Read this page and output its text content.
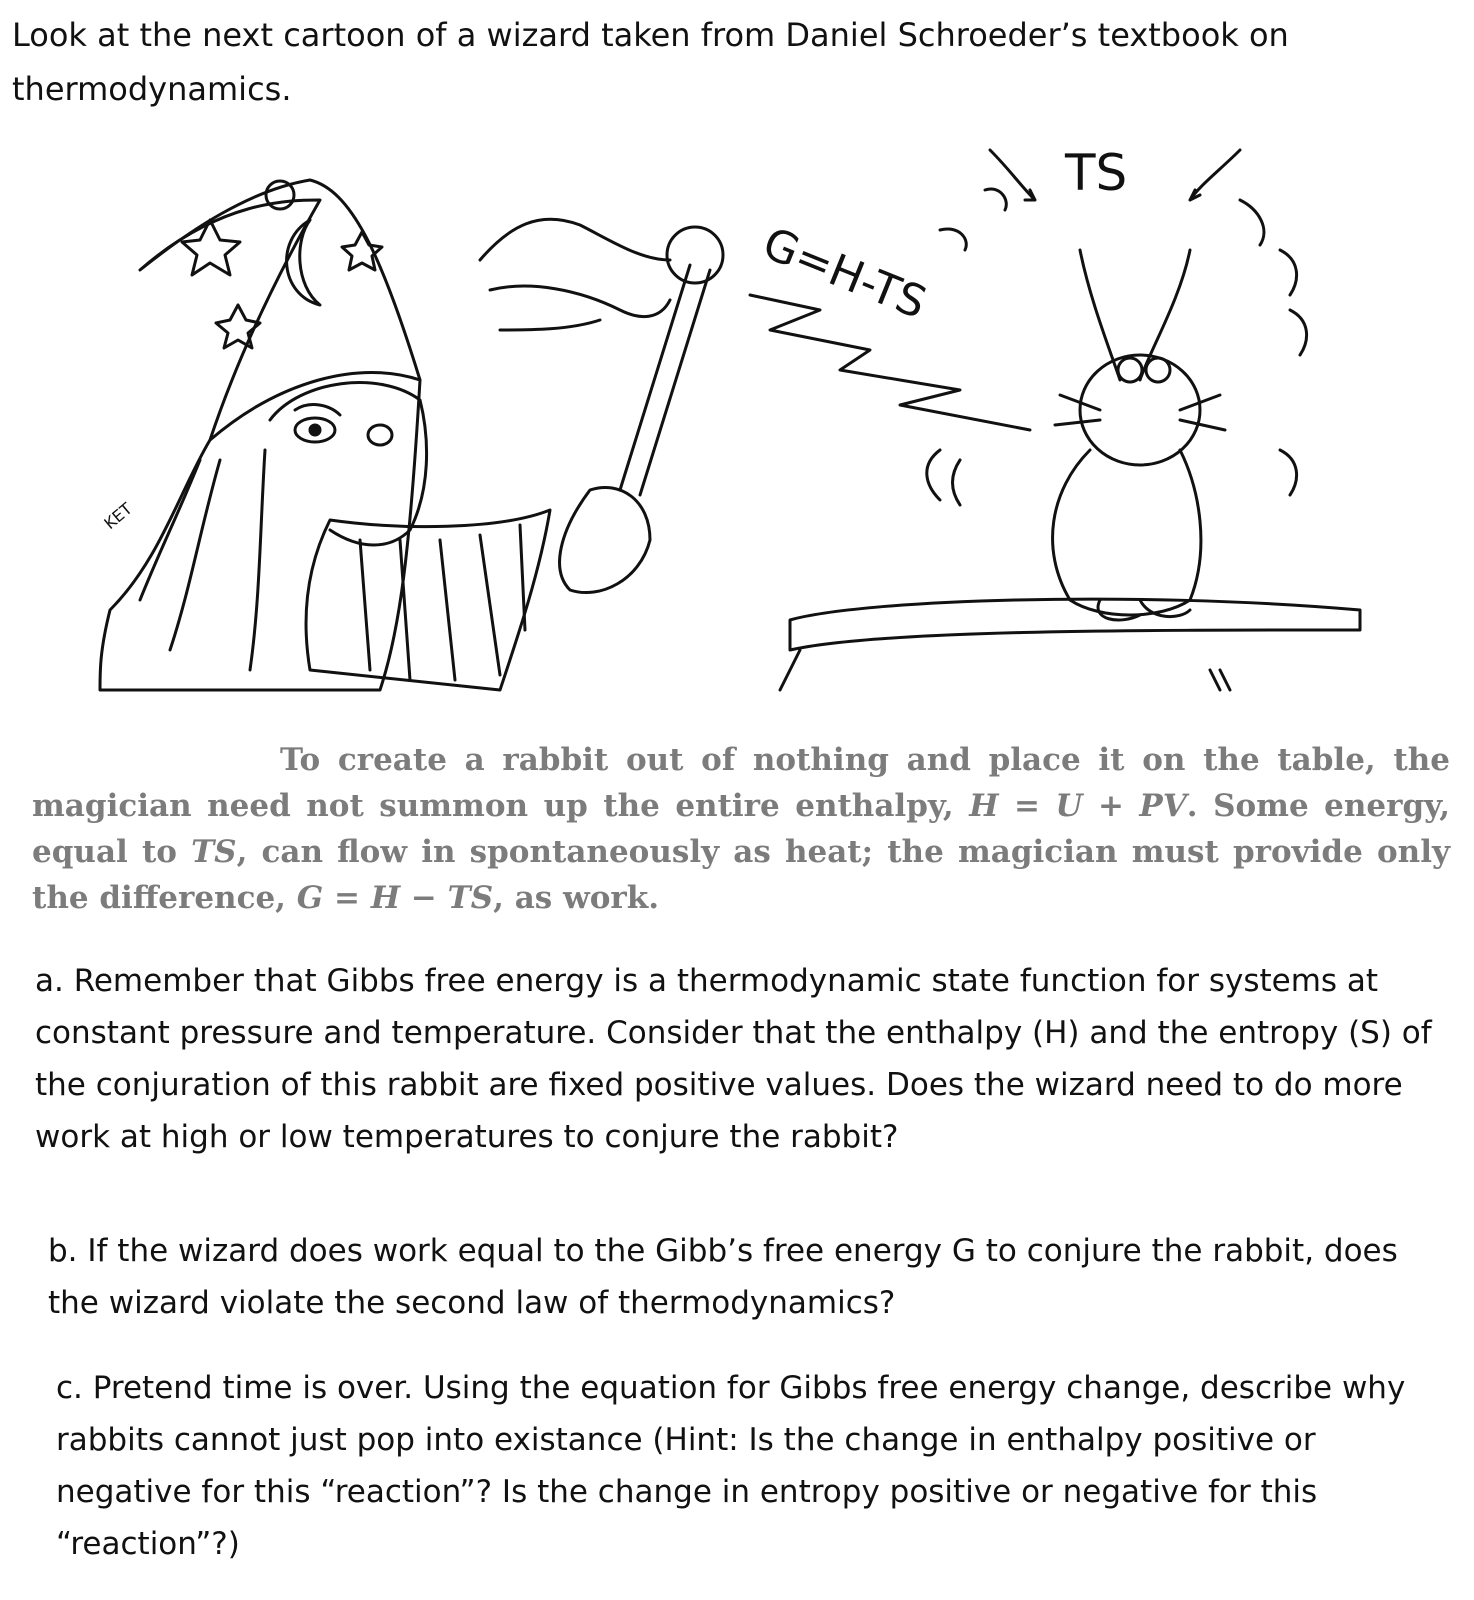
Look at the next cartoon of a wizard taken from Daniel Schroeder’s textbook on
thermodynamics.
G=H-TS
TS
KET
To create a rabbit out of nothing and place it on the table, the magician need not summon up the entire enthalpy, H = U + PV. Some energy, equal to TS, can flow in spontaneously as heat; the magician must provide only the difference, G = H − TS, as work.
a. Remember that Gibbs free energy is a thermodynamic state function for systems at constant pressure and temperature. Consider that the enthalpy (H) and the entropy (S) of the conjuration of this rabbit are fixed positive values. Does the wizard need to do more work at high or low temperatures to conjure the rabbit?
b. If the wizard does work equal to the Gibb’s free energy G to conjure the rabbit, does the wizard violate the second law of thermodynamics?
c. Pretend time is over. Using the equation for Gibbs free energy change, describe why rabbits cannot just pop into existance (Hint: Is the change in enthalpy positive or negative for this “reaction”? Is the change in entropy positive or negative for this “reaction”?)
